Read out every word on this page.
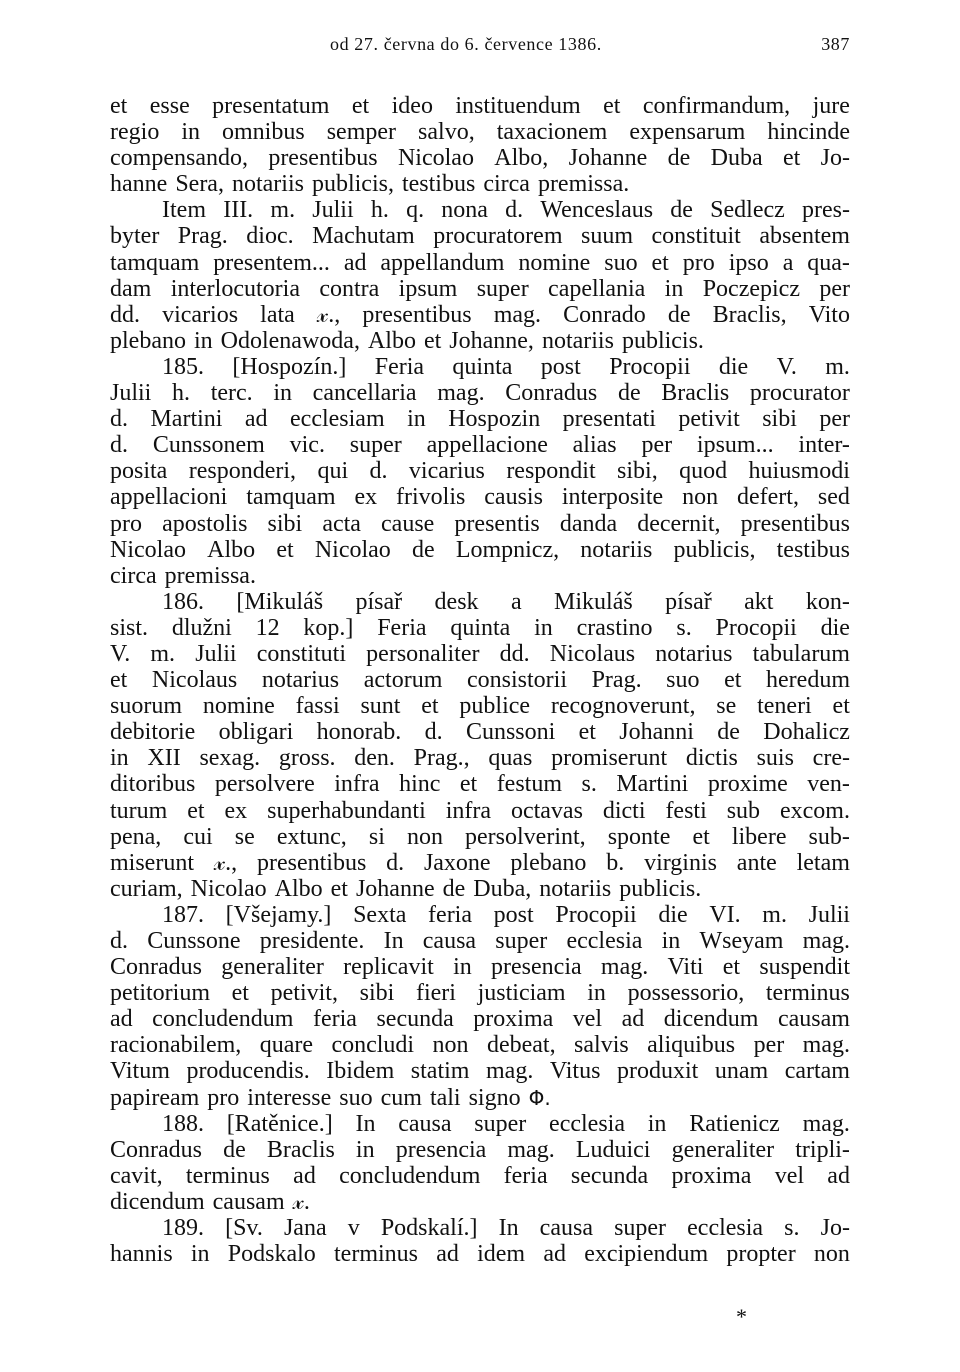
od 27. června do 6. července 1386.	387
et esse presentatum et ideo instituendum et confirmandum, jure
regio in omnibus semper salvo, taxacionem expensarum hincinde
compensando, presentibus Nicolao Albo, Johanne de Duba et Jo-
hanne Sera, notariis publicis, testibus circa premissa.
Item III. m. Julii h. q. nona d. Wenceslaus de Sedlecz pres-
byter Prag. dioc. Machutam procuratorem suum constituit absentem
tamquam presentem... ad appellandum nomine suo et pro ipso a qua-
dam interlocutoria contra ipsum super capellania in Poczepicz per
dd. vicarios lata 𝓍., presentibus mag. Conrado de Braclis, Vito
plebano in Odolenawoda, Albo et Johanne, notariis publicis.
185. [Hospozín.] Feria quinta post Procopii die V. m.
Julii h. terc. in cancellaria mag. Conradus de Braclis procurator
d. Martini ad ecclesiam in Hospozin presentati petivit sibi per
d. Cunssonem vic. super appellacione alias per ipsum... inter-
posita responderi, qui d. vicarius respondit sibi, quod huiusmodi
appellacioni tamquam ex frivolis causis interposite non defert, sed
pro apostolis sibi acta cause presentis danda decernit, presentibus
Nicolao Albo et Nicolao de Lompnicz, notariis publicis, testibus
circa premissa.
186. [Mikuláš písař desk a Mikuláš písař akt kon-
sist. dlužni 12 kop.] Feria quinta in crastino s. Procopii die
V. m. Julii constituti personaliter dd. Nicolaus notarius tabularum
et Nicolaus notarius actorum consistorii Prag. suo et heredum
suorum nomine fassi sunt et publice recognoverunt, se teneri et
debitorie obligari honorab. d. Cunssoni et Johanni de Dohalicz
in XII sexag. gross. den. Prag., quas promiserunt dictis suis cre-
ditoribus persolvere infra hinc et festum s. Martini proxime ven-
turum et ex superhabundanti infra octavas dicti festi sub excom.
pena, cui se extunc, si non persolverint, sponte et libere sub-
miserunt 𝓍., presentibus d. Jaxone plebano b. virginis ante letam
curiam, Nicolao Albo et Johanne de Duba, notariis publicis.
187. [Všejamy.] Sexta feria post Procopii die VI. m. Julii
d. Cunssone presidente. In causa super ecclesia in Wseyam mag.
Conradus generaliter replicavit in presencia mag. Viti et suspendit
petitorium et petivit, sibi fieri justiciam in possessorio, terminus
ad concludendum feria secunda proxima vel ad dicendum causam
racionabilem, quare concludi non debeat, salvis aliquibus per mag.
Vitum producendis. Ibidem statim mag. Vitus produxit unam cartam
papiream pro interesse suo cum tali signo Φ.
188. [Ratěnice.] In causa super ecclesia in Ratienicz mag.
Conradus de Braclis in presencia mag. Luduici generaliter tripli-
cavit, terminus ad concludendum feria secunda proxima vel ad
dicendum causam 𝓍.
189. [Sv. Jana v Podskalí.] In causa super ecclesia s. Jo-
hannis in Podskalo terminus ad idem ad excipiendum propter non
*
